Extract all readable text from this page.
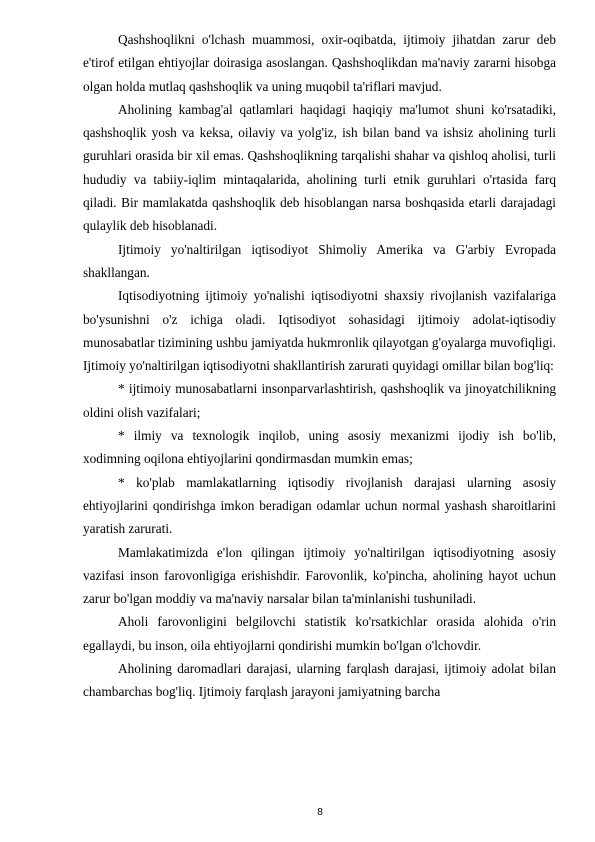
Qashshoqlikni o'lchash muammosi, oxir-oqibatda, ijtimoiy jihatdan zarur deb e'tirof etilgan ehtiyojlar doirasiga asoslangan. Qashshoqlikdan ma'naviy zararni hisobga olgan holda mutlaq qashshoqlik va uning muqobil ta'riflari mavjud.

Aholining kambag'al qatlamlari haqidagi haqiqiy ma'lumot shuni ko'rsatadiki, qashshoqlik yosh va keksa, oilaviy va yolg'iz, ish bilan band va ishsiz aholining turli guruhlari orasida bir xil emas. Qashshoqlikning tarqalishi shahar va qishloq aholisi, turli hududiy va tabiiy-iqlim mintaqalarida, aholining turli etnik guruhlari o'rtasida farq qiladi. Bir mamlakatda qashshoqlik deb hisoblangan narsa boshqasida etarli darajadagi qulaylik deb hisoblanadi.

Ijtimoiy yo'naltirilgan iqtisodiyot Shimoliy Amerika va G'arbiy Evropada shakllangan.

Iqtisodiyotning ijtimoiy yo'nalishi iqtisodiyotni shaxsiy rivojlanish vazifalariga bo'ysunishni o'z ichiga oladi. Iqtisodiyot sohasidagi ijtimoiy adolat-iqtisodiy munosabatlar tizimining ushbu jamiyatda hukmronlik qilayotgan g'oyalarga muvofiqligi. Ijtimoiy yo'naltirilgan iqtisodiyotni shakllantirish zarurati quyidagi omillar bilan bog'liq:

* ijtimoiy munosabatlarni insonparvarlashtirish, qashshoqlik va jinoyatchilikning oldini olish vazifalari;

* ilmiy va texnologik inqilob, uning asosiy mexanizmi ijodiy ish bo'lib, xodimning oqilona ehtiyojlarini qondirmasdan mumkin emas;

* ko'plab mamlakatlarning iqtisodiy rivojlanish darajasi ularning asosiy ehtiyojlarini qondirishga imkon beradigan odamlar uchun normal yashash sharoitlarini yaratish zarurati.

Mamlakatimizda e'lon qilingan ijtimoiy yo'naltirilgan iqtisodiyotning asosiy vazifasi inson farovonligiga erishishdir. Farovonlik, ko'pincha, aholining hayot uchun zarur bo'lgan moddiy va ma'naviy narsalar bilan ta'minlanishi tushuniladi.

Aholi farovonligini belgilovchi statistik ko'rsatkichlar orasida alohida o'rin egallaydi, bu inson, oila ehtiyojlarni qondirishi mumkin bo'lgan o'lchovdir.

Aholining daromadlari darajasi, ularning farqlash darajasi, ijtimoiy adolat bilan chambarchas bog'liq. Ijtimoiy farqlash jarayoni jamiyatning barcha

8
